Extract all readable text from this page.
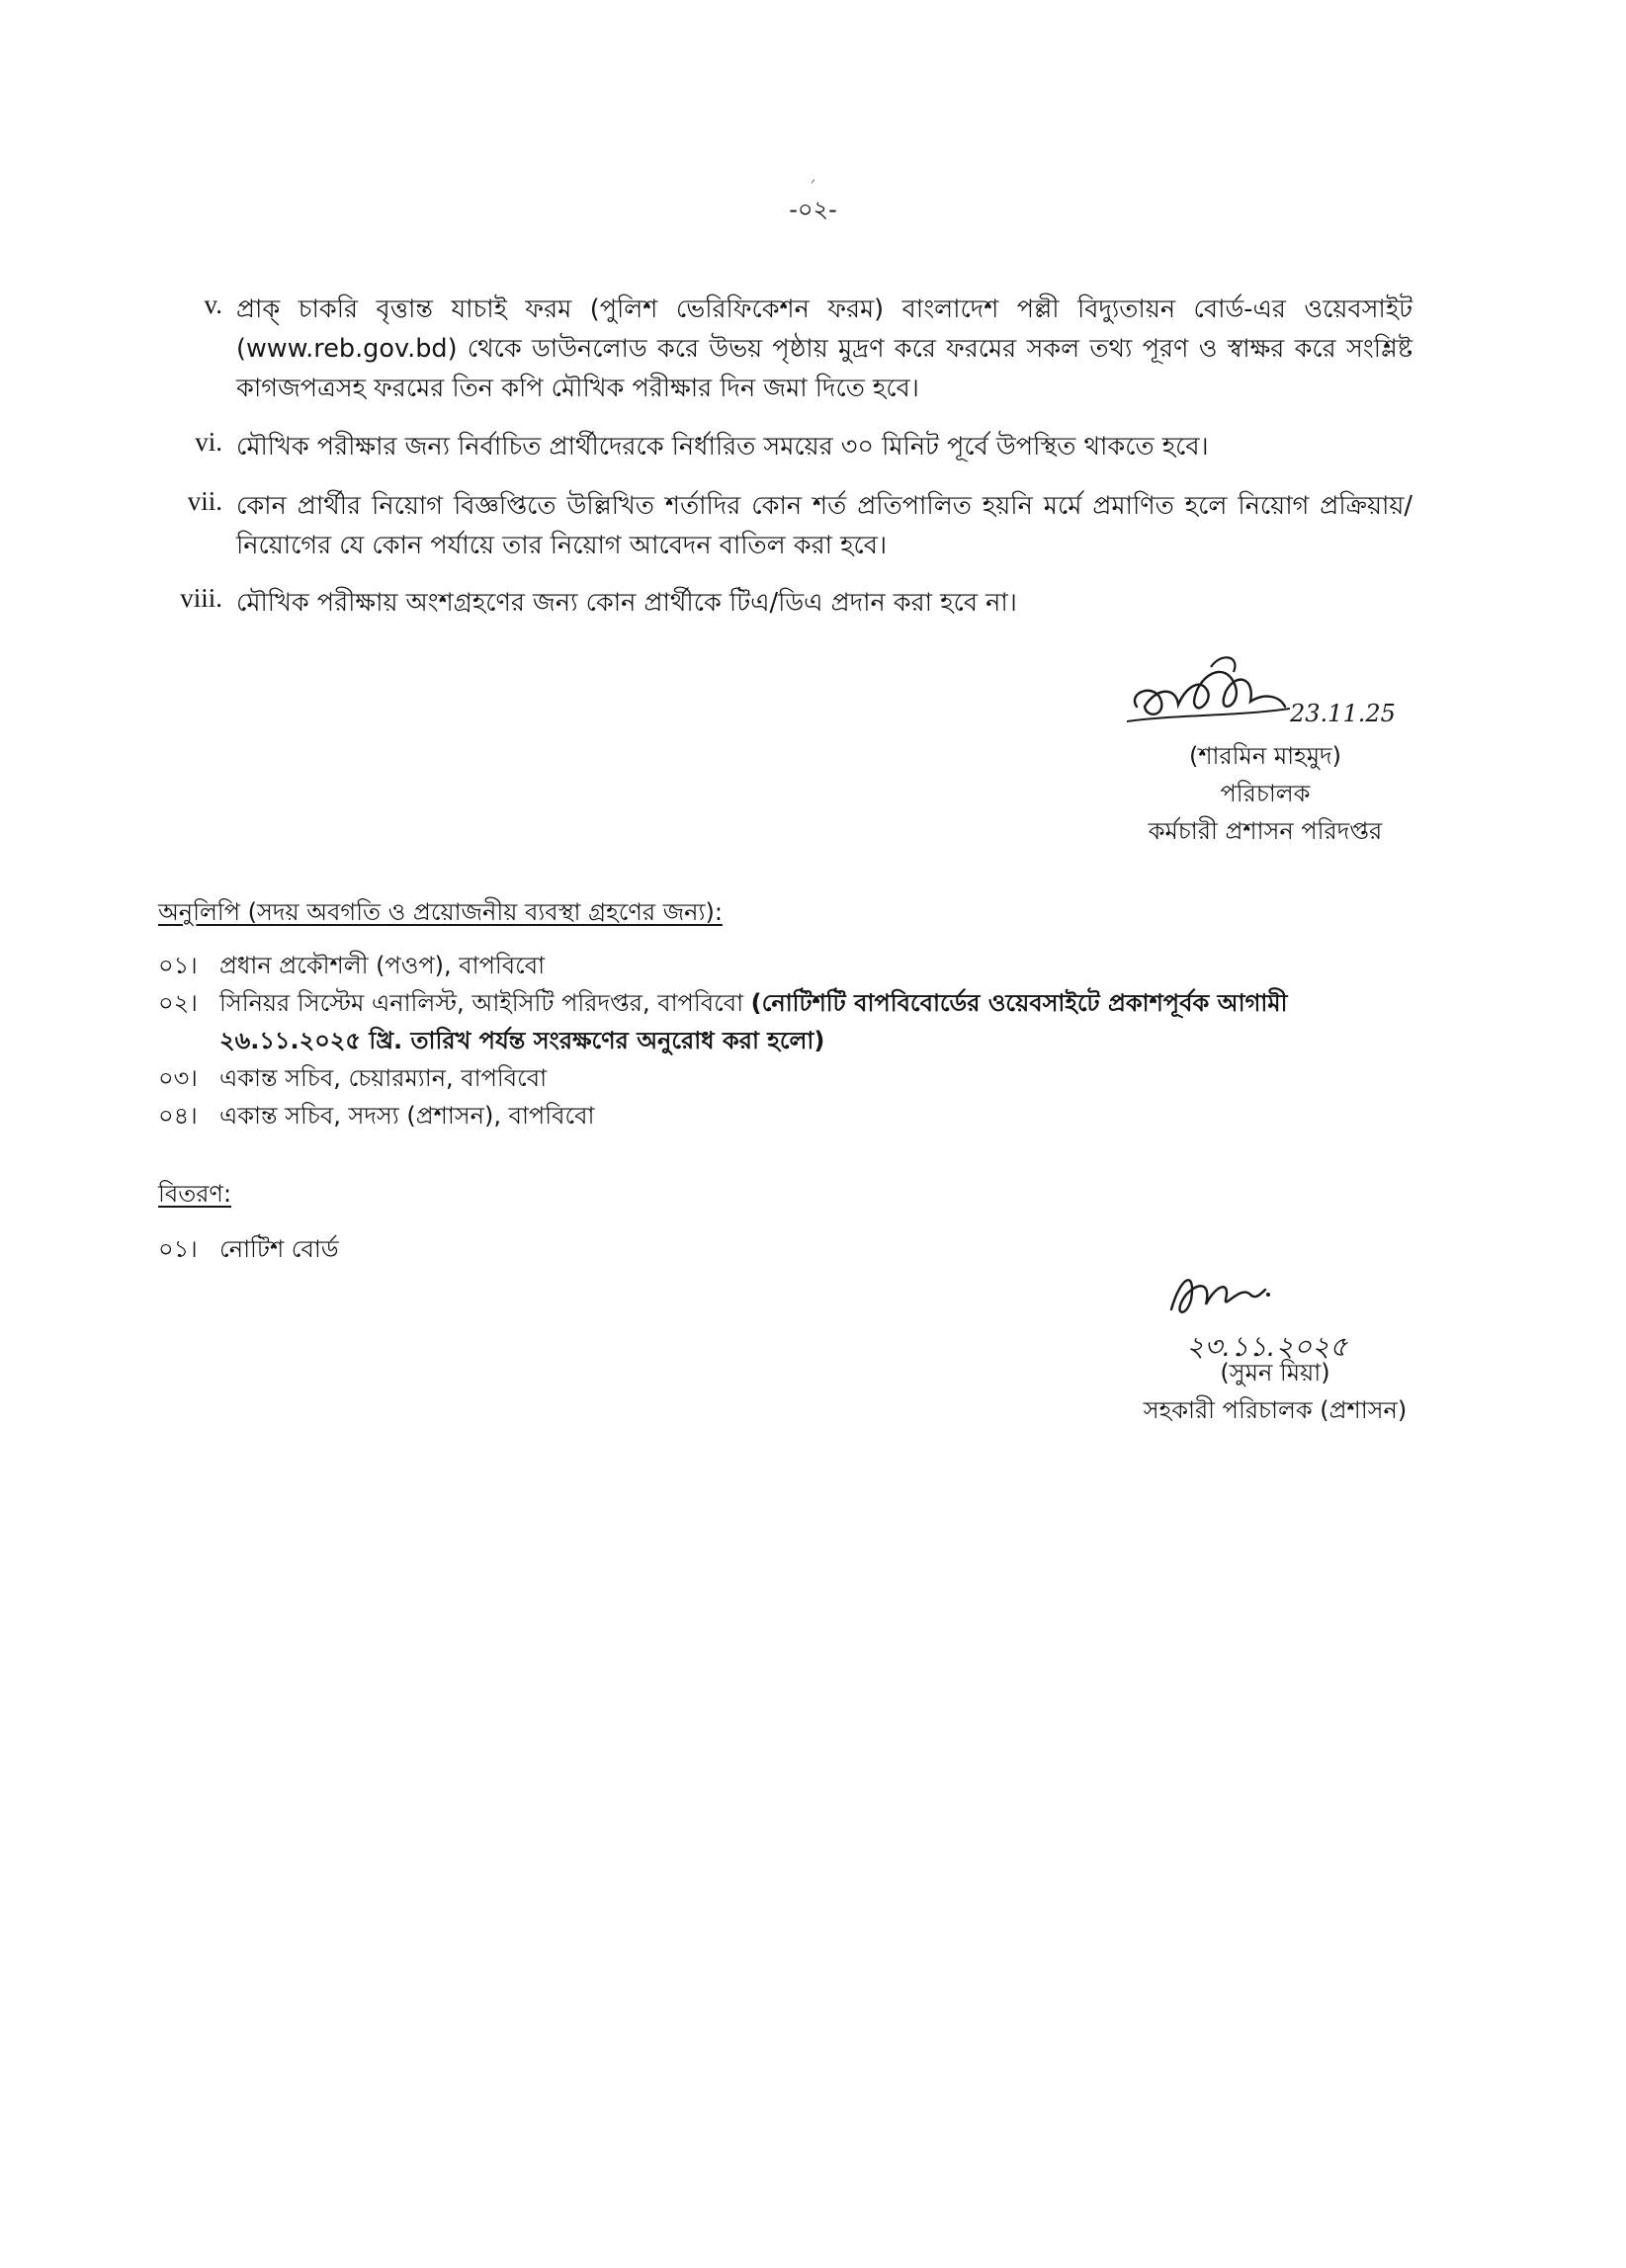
ᐟ
-০২-
v. প্রাক্ চাকরি বৃত্তান্ত যাচাই ফরম (পুলিশ ভেরিফিকেশন ফরম) বাংলাদেশ পল্লী বিদ্যুতায়ন বোর্ড-এর ওয়েবসাইট (www.reb.gov.bd) থেকে ডাউনলোড করে উভয় পৃষ্ঠায় মুদ্রণ করে ফরমের সকল তথ্য পূরণ ও স্বাক্ষর করে সংশ্লিষ্ট কাগজপত্রসহ ফরমের তিন কপি মৌখিক পরীক্ষার দিন জমা দিতে হবে।
vi. মৌখিক পরীক্ষার জন্য নির্বাচিত প্রার্থীদেরকে নির্ধারিত সময়ের ৩০ মিনিট পূর্বে উপস্থিত থাকতে হবে।
vii. কোন প্রার্থীর নিয়োগ বিজ্ঞপ্তিতে উল্লিখিত শর্তাদির কোন শর্ত প্রতিপালিত হয়নি মর্মে প্রমাণিত হলে নিয়োগ প্রক্রিয়ায়/নিয়োগের যে কোন পর্যায়ে তার নিয়োগ আবেদন বাতিল করা হবে।
viii. মৌখিক পরীক্ষায় অংশগ্রহণের জন্য কোন প্রার্থীকে টিএ/ডিএ প্রদান করা হবে না।
23.11.25
(শারমিন মাহমুদ)
পরিচালক
কর্মচারী প্রশাসন পরিদপ্তর
অনুলিপি (সদয় অবগতি ও প্রয়োজনীয় ব্যবস্থা গ্রহণের জন্য):
০১। প্রধান প্রকৌশলী (পওপ), বাপবিবো
০২। সিনিয়র সিস্টেম এনালিস্ট, আইসিটি পরিদপ্তর, বাপবিবো (নোটিশটি বাপবিবোর্ডের ওয়েবসাইটে প্রকাশপূর্বক আগামী ২৬.১১.২০২৫ খ্রি. তারিখ পর্যন্ত সংরক্ষণের অনুরোধ করা হলো)
০৩। একান্ত সচিব, চেয়ারম্যান, বাপবিবো
০৪। একান্ত সচিব, সদস্য (প্রশাসন), বাপবিবো
বিতরণ:
০১। নোটিশ বোর্ড
২৩.১১.২০২৫
(সুমন মিয়া)
সহকারী পরিচালক (প্রশাসন)
